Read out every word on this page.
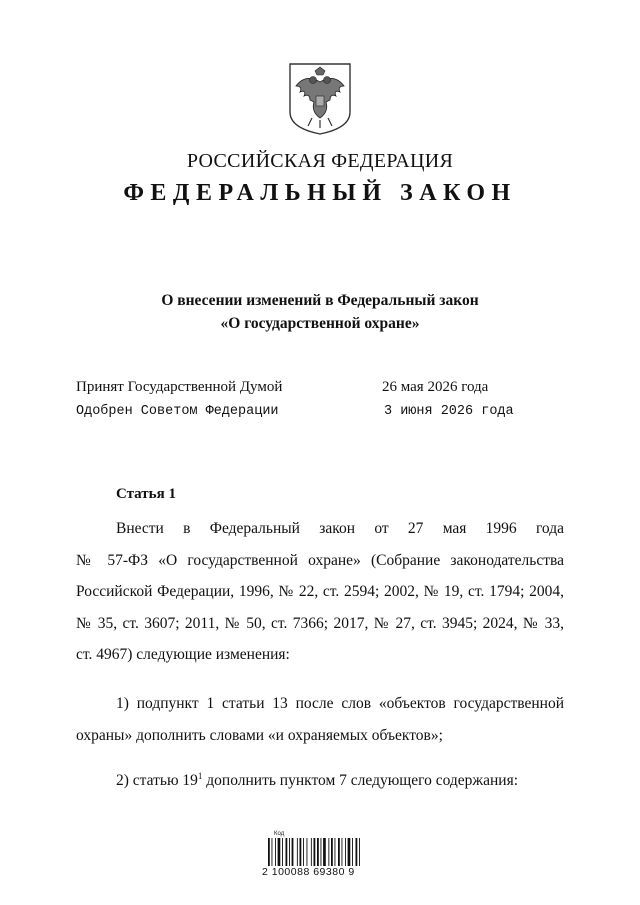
РОССИЙСКАЯ ФЕДЕРАЦИЯ
ФЕДЕРАЛЬНЫЙ ЗАКОН
О внесении изменений в Федеральный закон
«О государственной охране»
Принят Государственной Думой	26 мая 2026 года
Одобрен Советом Федерации	3 июня 2026 года
Статья 1
Внести в Федеральный закон от 27 мая 1996 года
№ 57-ФЗ «О государственной охране» (Собрание законодательства
Российской Федерации, 1996, № 22, ст. 2594; 2002, № 19, ст. 1794; 2004,
№ 35, ст. 3607; 2011, № 50, ст. 7366; 2017, № 27, ст. 3945; 2024, № 33,
ст. 4967) следующие изменения:
1) подпункт 1 статьи 13 после слов «объектов государственной
охраны» дополнить словами «и охраняемых объектов»;
2) статью $19^1$ дополнить пунктом 7 следующего содержания:
Код
2 100088 69380 9
